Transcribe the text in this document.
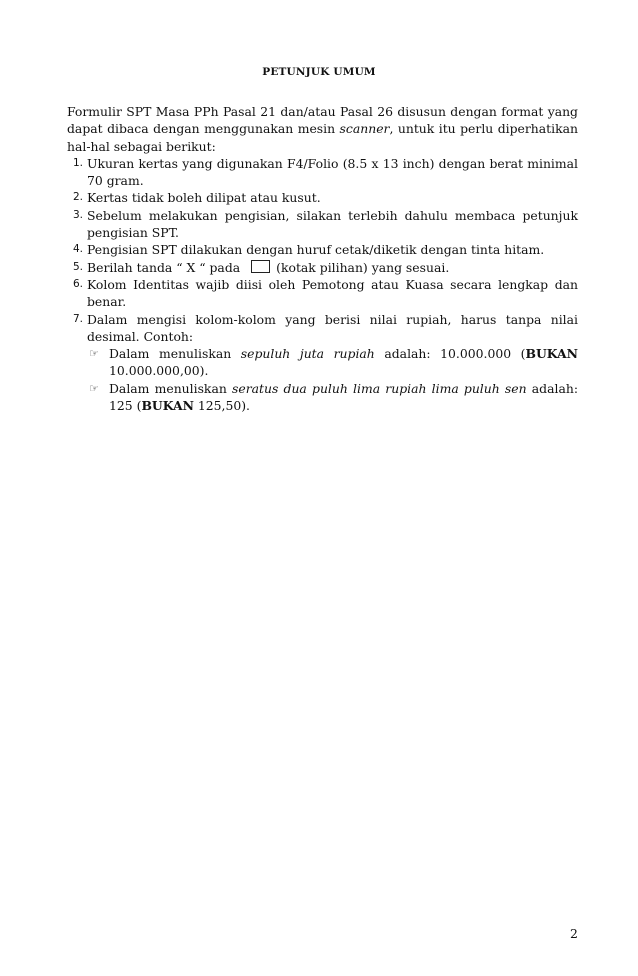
PETUNJUK UMUM

Formulir SPT Masa PPh Pasal 21 dan/atau Pasal 26 disusun dengan format yang dapat dibaca dengan menggunakan mesin scanner, untuk itu perlu diperhatikan hal-hal sebagai berikut:

1. Ukuran kertas yang digunakan F4/Folio (8.5 x 13 inch) dengan berat minimal 70 gram.
2. Kertas tidak boleh dilipat atau kusut.
3. Sebelum melakukan pengisian, silakan terlebih dahulu membaca petunjuk pengisian SPT.
4. Pengisian SPT dilakukan dengan huruf cetak/diketik dengan tinta hitam.
5. Berilah tanda “ X “ pada	(kotak pilihan) yang sesuai.
6. Kolom Identitas wajib diisi oleh Pemotong atau Kuasa secara lengkap dan benar.
7. Dalam mengisi kolom-kolom yang berisi nilai rupiah, harus tanpa nilai desimal. Contoh:
☞ Dalam menuliskan sepuluh juta rupiah adalah: 10.000.000 (BUKAN 10.000.000,00).
☞ Dalam menuliskan seratus dua puluh lima rupiah lima puluh sen adalah: 125 (BUKAN 125,50).
2
